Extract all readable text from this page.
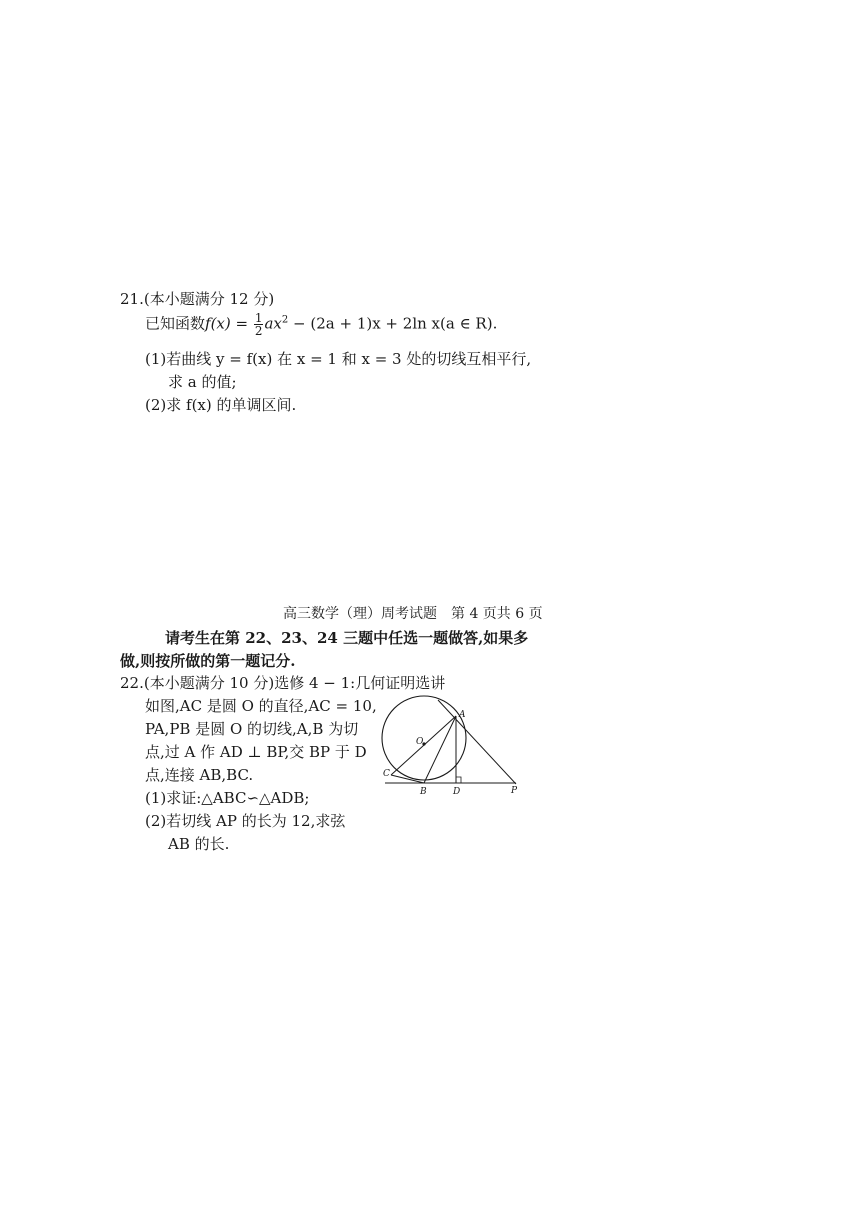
21.(本小题满分 12 分)
已知函数$f(x) = \frac{1}{2} ax^2 - (2a + 1)x + 2\ln$ x(a ∈ R).
(1)若曲线 y = f(x) 在 x = 1 和 x = 3 处的切线互相平行,
求 a 的值;
(2)求 f(x) 的单调区间.
高三数学（理）周考试题　第 4 页共 6 页
请考生在第 22、23、24 三题中任选一题做答,如果多
做,则按所做的第一题记分.
22.(本小题满分 10 分)选修 4 − 1:几何证明选讲
如图,AC 是圆 O 的直径,AC = 10,
PA,PB 是圆 O 的切线,A,B 为切
点,过 A 作 AD ⊥ BP,交 BP 于 D
点,连接 AB,BC.
(1)求证:△ABC∽△ADB;
(2)若切线 AP 的长为 12,求弦
AB 的长.
A
O
C
B	D	P
